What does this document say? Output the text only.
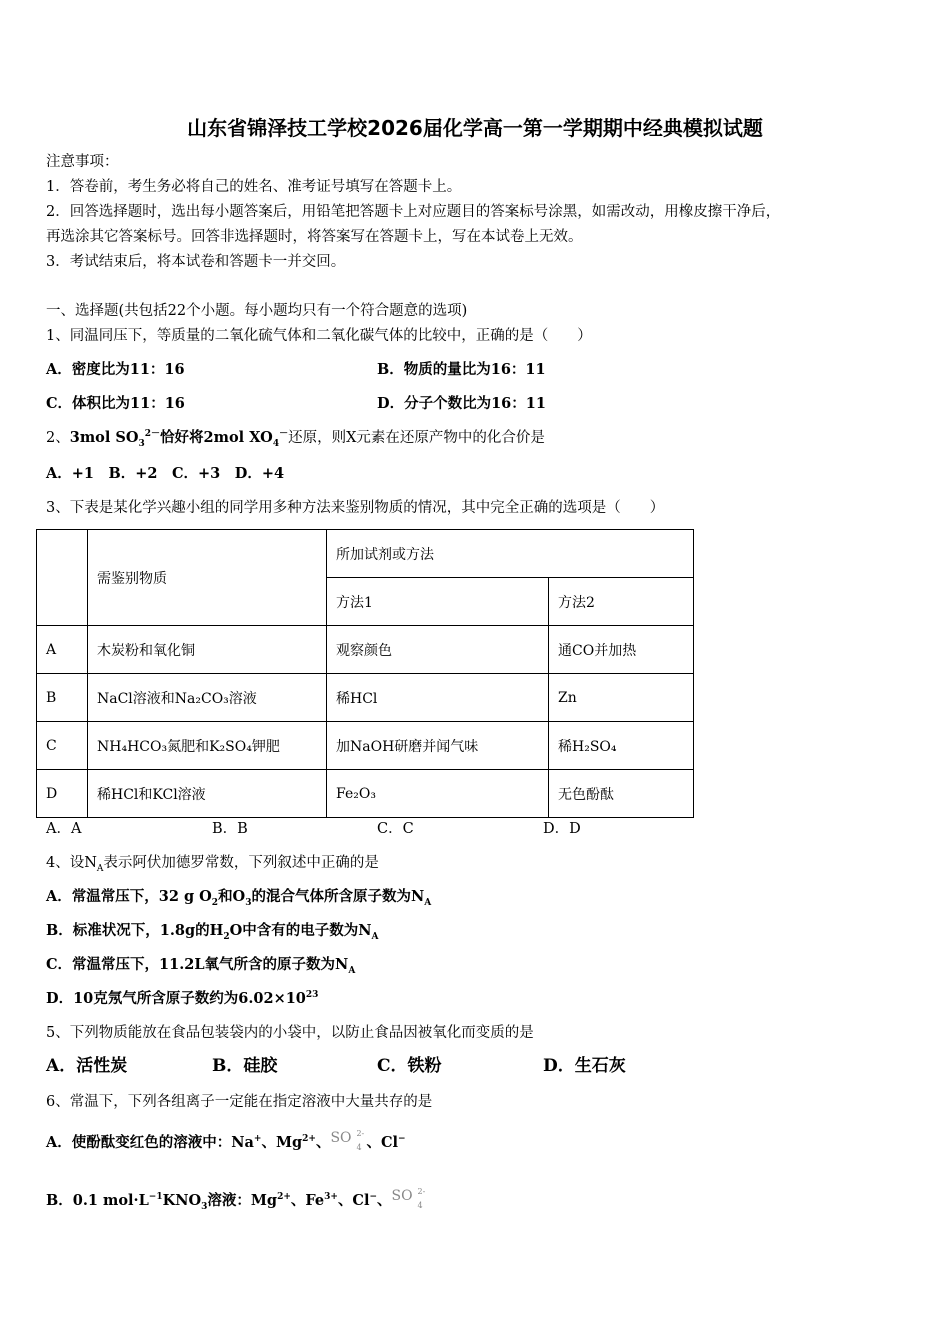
山东省锦泽技工学校2026届化学高一第一学期期中经典模拟试题
注意事项：
1．答卷前，考生务必将自己的姓名、准考证号填写在答题卡上。
2．回答选择题时，选出每小题答案后，用铅笔把答题卡上对应题目的答案标号涂黑，如需改动，用橡皮擦干净后，
再选涂其它答案标号。回答非选择题时，将答案写在答题卡上，写在本试卷上无效。
3．考试结束后，将本试卷和答题卡一并交回。
一、选择题(共包括22个小题。每小题均只有一个符合题意的选项)
1、同温同压下，等质量的二氧化硫气体和二氧化碳气体的比较中，正确的是（　　）
A．密度比为11：16	B．物质的量比为16：11
C．体积比为11：16	D．分子个数比为16：11
2、3mol $SO_3^{2-}$恰好将2mol $XO_4^-$还原，则X元素在还原产物中的化合价是
A．+1　B．+2　C．+3　D．+4
3、下表是某化学兴趣小组的同学用多种方法来鉴别物质的情况，其中完全正确的选项是（　　）
	需鉴别物质	所加试剂或方法	
		方法1	方法2
A	木炭粉和氧化铜	观察颜色	通CO并加热
B	NaCl溶液和Na₂CO₃溶液	稀HCl	Zn
C	NH₄HCO₃氮肥和K₂SO₄钾肥	加NaOH研磨并闻气味	稀H₂SO₄
D	稀HCl和KCl溶液	Fe₂O₃	无色酚酞
A．A	B．B	C．C	D．D
4、设$N_A$表示阿伏加德罗常数，下列叙述中正确的是
A．常温常压下，32 g $O_2$和$O_3$的混合气体所含原子数为$N_A$
B．标准状况下，1.8g的$H_2O$中含有的电子数为$N_A$
C．常温常压下，11.2L氧气所含的原子数为$N_A$
D．10克氖气所含原子数约为$6.02\times 10^{23}$
5、下列物质能放在食品包装袋内的小袋中，以防止食品因被氧化而变质的是
A．活性炭	B．硅胶	C．铁粉	D．生石灰
6、常温下，下列各组离子一定能在指定溶液中大量共存的是
A．使酚酞变红色的溶液中：Na+、$Mg^{2+}$、 SO 2-
4 、Cl−
B．0.1 $mol\cdot L^{-1}KNO_3$溶液：$Mg^{2+}$、$Fe^{3+}$、Cl−、 SO 2-
4
